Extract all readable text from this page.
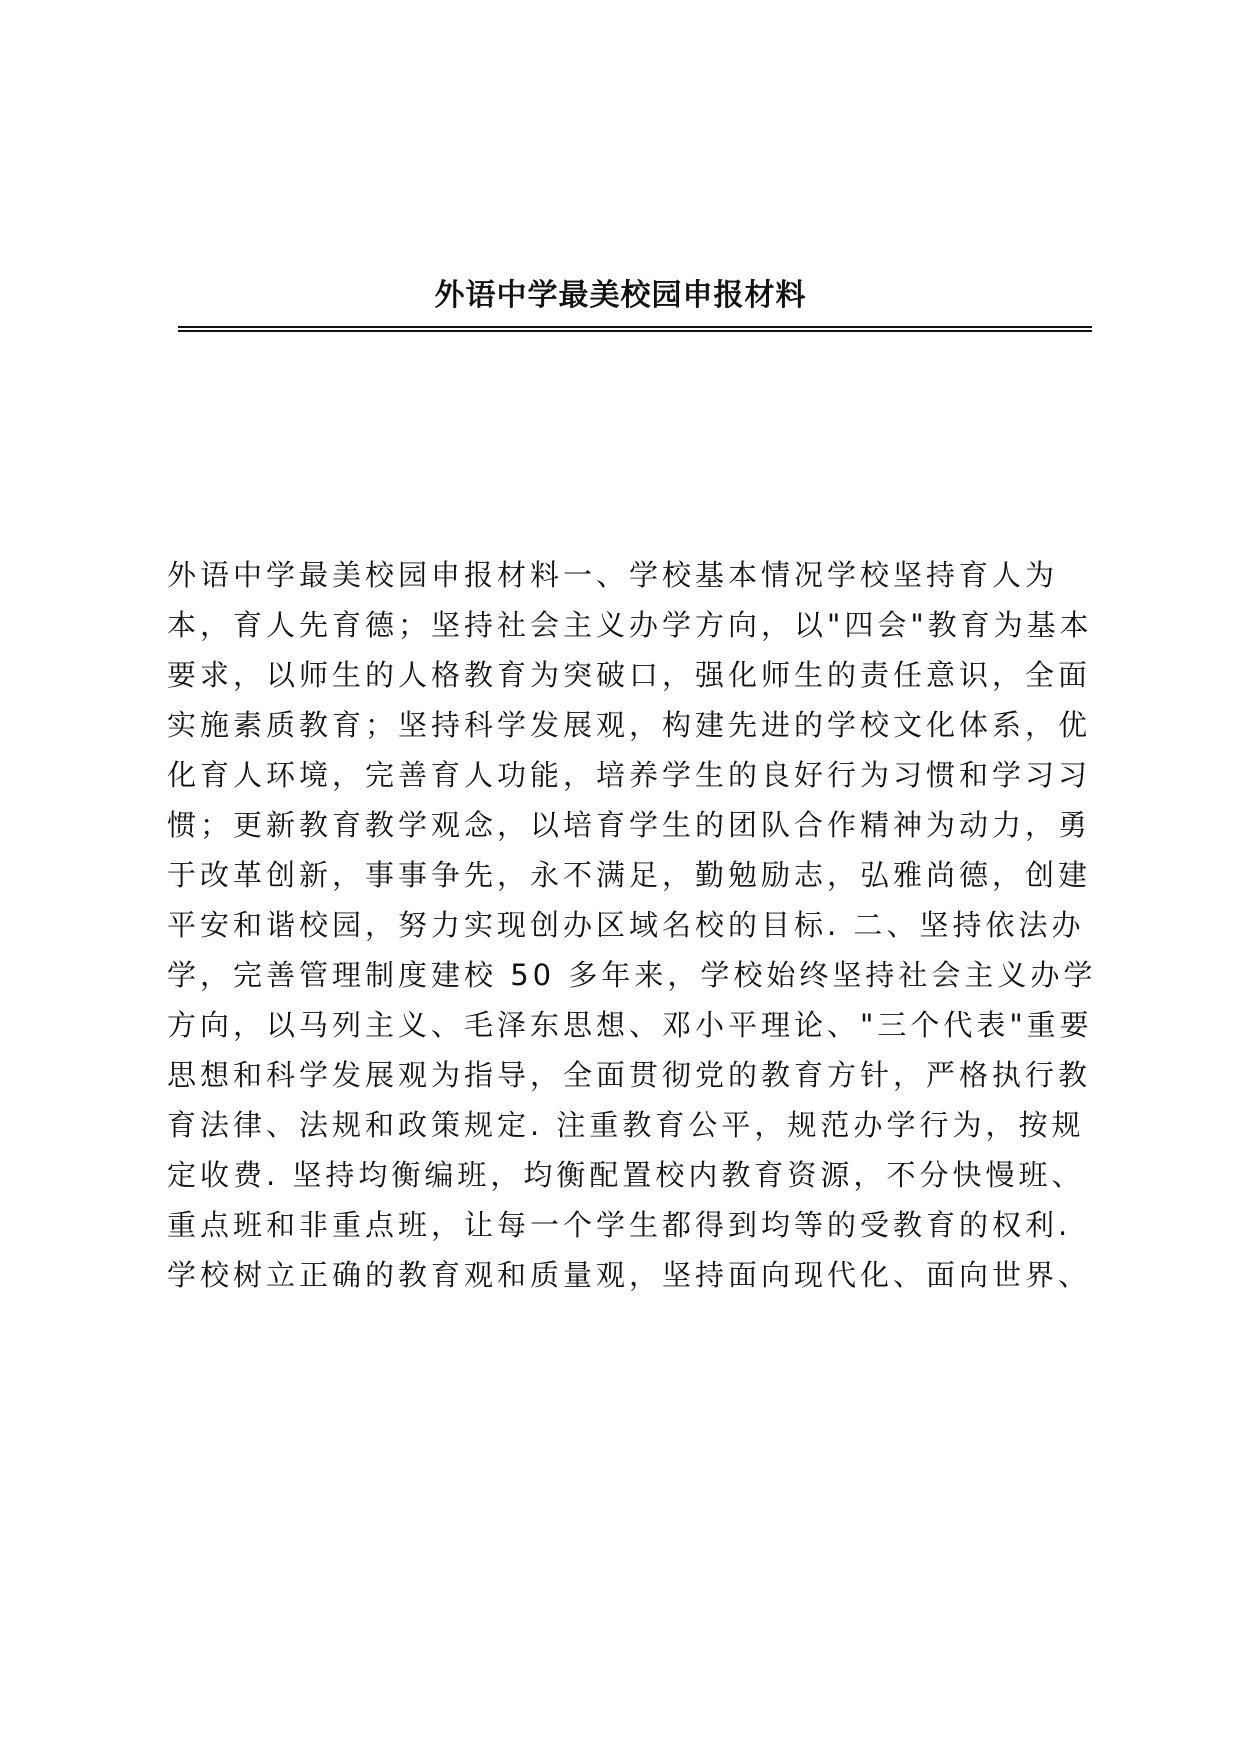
外语中学最美校园申报材料
外语中学最美校园申报材料一、学校基本情况学校坚持育人为
本，育人先育德；坚持社会主义办学方向，以"四会"教育为基本
要求，以师生的人格教育为突破口，强化师生的责任意识，全面
实施素质教育；坚持科学发展观，构建先进的学校文化体系，优
化育人环境，完善育人功能，培养学生的良好行为习惯和学习习
惯；更新教育教学观念，以培育学生的团队合作精神为动力，勇
于改革创新，事事争先，永不满足，勤勉励志，弘雅尚德，创建
平安和谐校园，努力实现创办区域名校的目标. 二、坚持依法办
学，完善管理制度建校 50 多年来，学校始终坚持社会主义办学
方向，以马列主义、毛泽东思想、邓小平理论、"三个代表"重要
思想和科学发展观为指导，全面贯彻党的教育方针，严格执行教
育法律、法规和政策规定. 注重教育公平，规范办学行为，按规
定收费. 坚持均衡编班，均衡配置校内教育资源，不分快慢班、
重点班和非重点班，让每一个学生都得到均等的受教育的权利.
学校树立正确的教育观和质量观，坚持面向现代化、面向世界、
